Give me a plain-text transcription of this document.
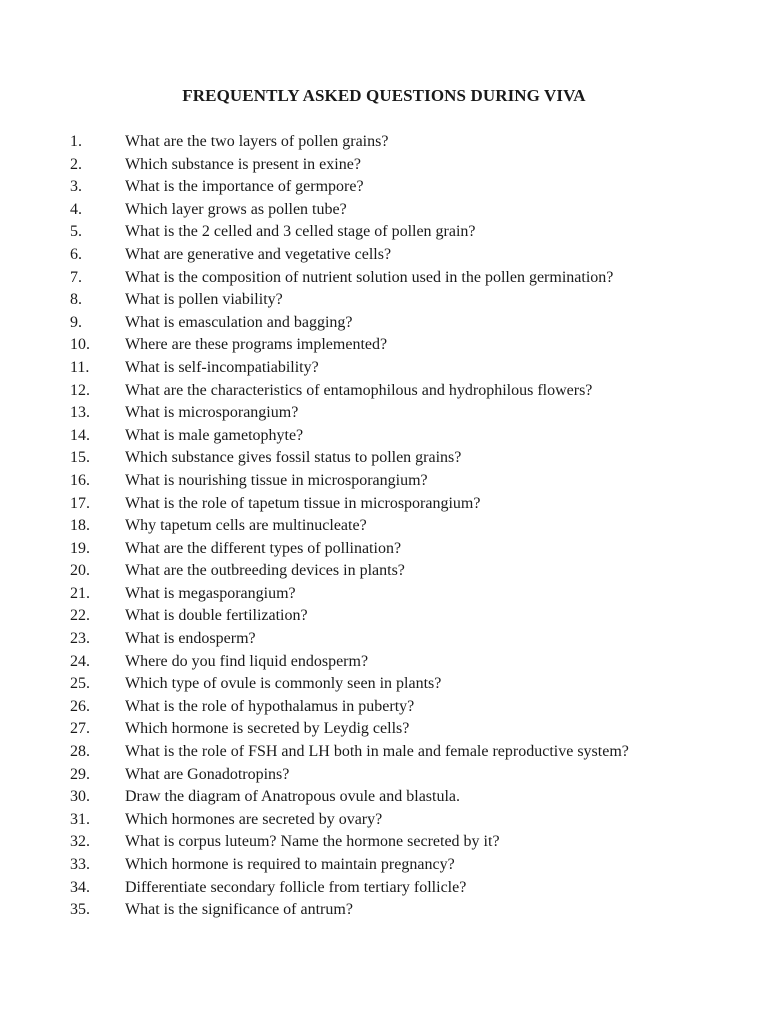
FREQUENTLY ASKED QUESTIONS DURING VIVA
1.	What are the two layers of pollen grains?
2.	Which substance is present in exine?
3.	What is the importance of germpore?
4.	Which layer grows as pollen tube?
5.	What is the 2 celled and 3 celled stage of pollen grain?
6.	What are generative and vegetative cells?
7.	What is the composition of nutrient solution used in the pollen germination?
8.	What is pollen viability?
9.	What is emasculation and bagging?
10. Where are these programs implemented?
11. What is self-incompatiability?
12. What are the characteristics of entamophilous and hydrophilous flowers?
13. What is microsporangium?
14. What is male gametophyte?
15. Which substance gives fossil status to pollen grains?
16. What is nourishing tissue in microsporangium?
17. What is the role of tapetum tissue in microsporangium?
18. Why tapetum cells are multinucleate?
19. What are the different types of pollination?
20. What are the outbreeding devices in plants?
21. What is megasporangium?
22. What is double fertilization?
23. What is endosperm?
24. Where do you find liquid endosperm?
25. Which type of ovule is commonly seen in plants?
26. What is the role of hypothalamus in puberty?
27. Which hormone is secreted by Leydig cells?
28. What is the role of FSH and LH both in male and female reproductive system?
29. What are Gonadotropins?
30. Draw the diagram of Anatropous ovule and blastula.
31. Which hormones are secreted by ovary?
32. What is corpus luteum? Name the hormone secreted by it?
33. Which hormone is required to maintain pregnancy?
34. Differentiate secondary follicle from tertiary follicle?
35. What is the significance of antrum?
